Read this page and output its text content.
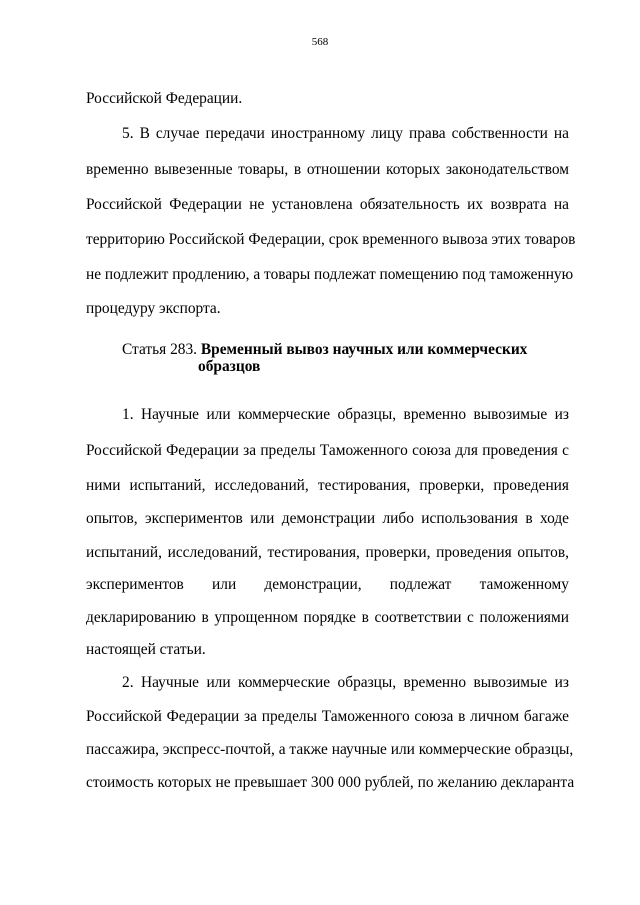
568
Российской Федерации.
5. В случае передачи иностранному лицу права собственности на
временно вывезенные товары, в отношении которых законодательством
Российской Федерации не установлена обязательность их возврата на
территорию Российской Федерации, срок временного вывоза этих товаров
не подлежит продлению, а товары подлежат помещению под таможенную
процедуру экспорта.
Статья 283. Временный вывоз научных или коммерческих
образцов
1. Научные или коммерческие образцы, временно вывозимые из
Российской Федерации за пределы Таможенного союза для проведения с
ними испытаний, исследований, тестирования, проверки, проведения
опытов, экспериментов или демонстрации либо использования в ходе
испытаний, исследований, тестирования, проверки, проведения опытов,
экспериментов или демонстрации, подлежат таможенному
декларированию в упрощенном порядке в соответствии с положениями
настоящей статьи.
2. Научные или коммерческие образцы, временно вывозимые из
Российской Федерации за пределы Таможенного союза в личном багаже
пассажира, экспресс-почтой, а также научные или коммерческие образцы,
стоимость которых не превышает 300 000 рублей, по желанию декларанта
